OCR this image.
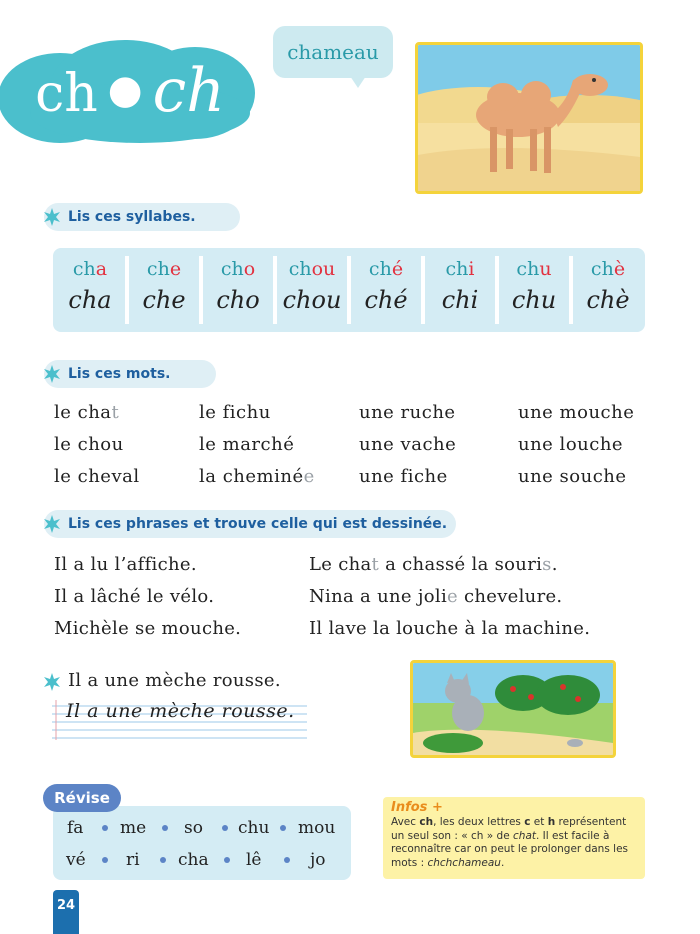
ch ● ch
chameau
Lis ces syllabes.
cha
cha
che
che
cho
cho
chou
chou
ché
ché
chi
chi
chu
chu
chè
chè
Lis ces mots.
le chat
le chou
le cheval
le fichu
le marché
la cheminée
une ruche
une vache
une fiche
une mouche
une louche
une souche
Lis ces phrases et trouve celle qui est dessinée.
Il a lu l’affiche.
Il a lâché le vélo.
Michèle se mouche.
Le chat a chassé la souris.
Nina a une jolie chevelure.
Il lave la louche à la machine.
Il a une mèche rousse.
Il a une mèche rousse.
Révise
fa me so chu mou
vé ri cha lê	jo
Infos +
Avec ch, les deux lettres c et h représentent un seul son : « ch » de chat. Il est facile à reconnaître car on peut le prolonger dans les mots : chchchameau.
24
